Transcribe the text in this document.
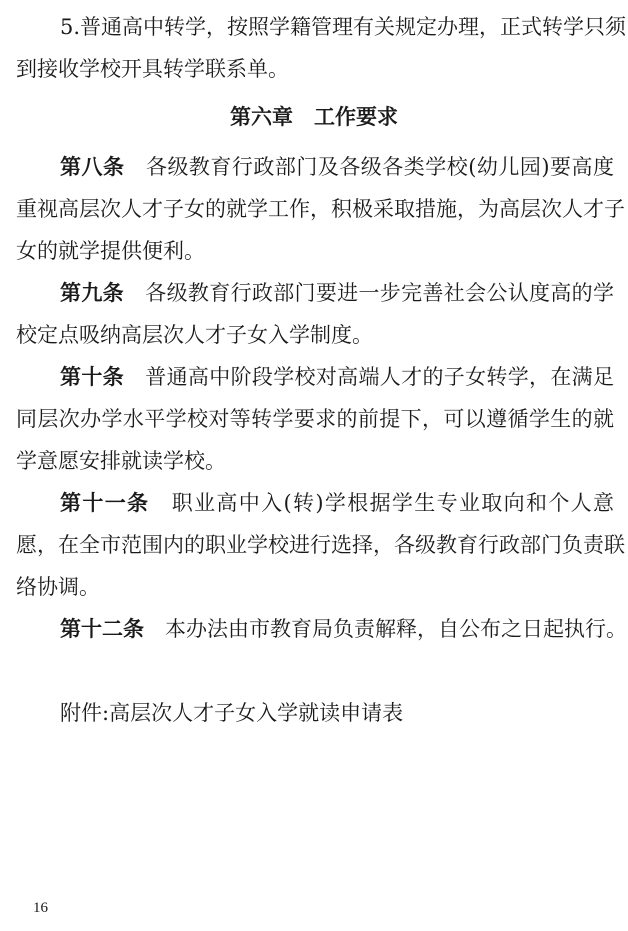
5.普通高中转学，按照学籍管理有关规定办理，正式转学只须
到接收学校开具转学联系单。
第六章　工作要求
第八条 各级教育行政部门及各级各类学校(幼儿园)要高度
重视高层次人才子女的就学工作，积极采取措施，为高层次人才子
女的就学提供便利。
第九条 各级教育行政部门要进一步完善社会公认度高的学
校定点吸纳高层次人才子女入学制度。
第十条 普通高中阶段学校对高端人才的子女转学，在满足
同层次办学水平学校对等转学要求的前提下，可以遵循学生的就
学意愿安排就读学校。
第十一条 职业高中入(转)学根据学生专业取向和个人意
愿，在全市范围内的职业学校进行选择，各级教育行政部门负责联
络协调。
第十二条 本办法由市教育局负责解释，自公布之日起执行。
附件:高层次人才子女入学就读申请表
16
